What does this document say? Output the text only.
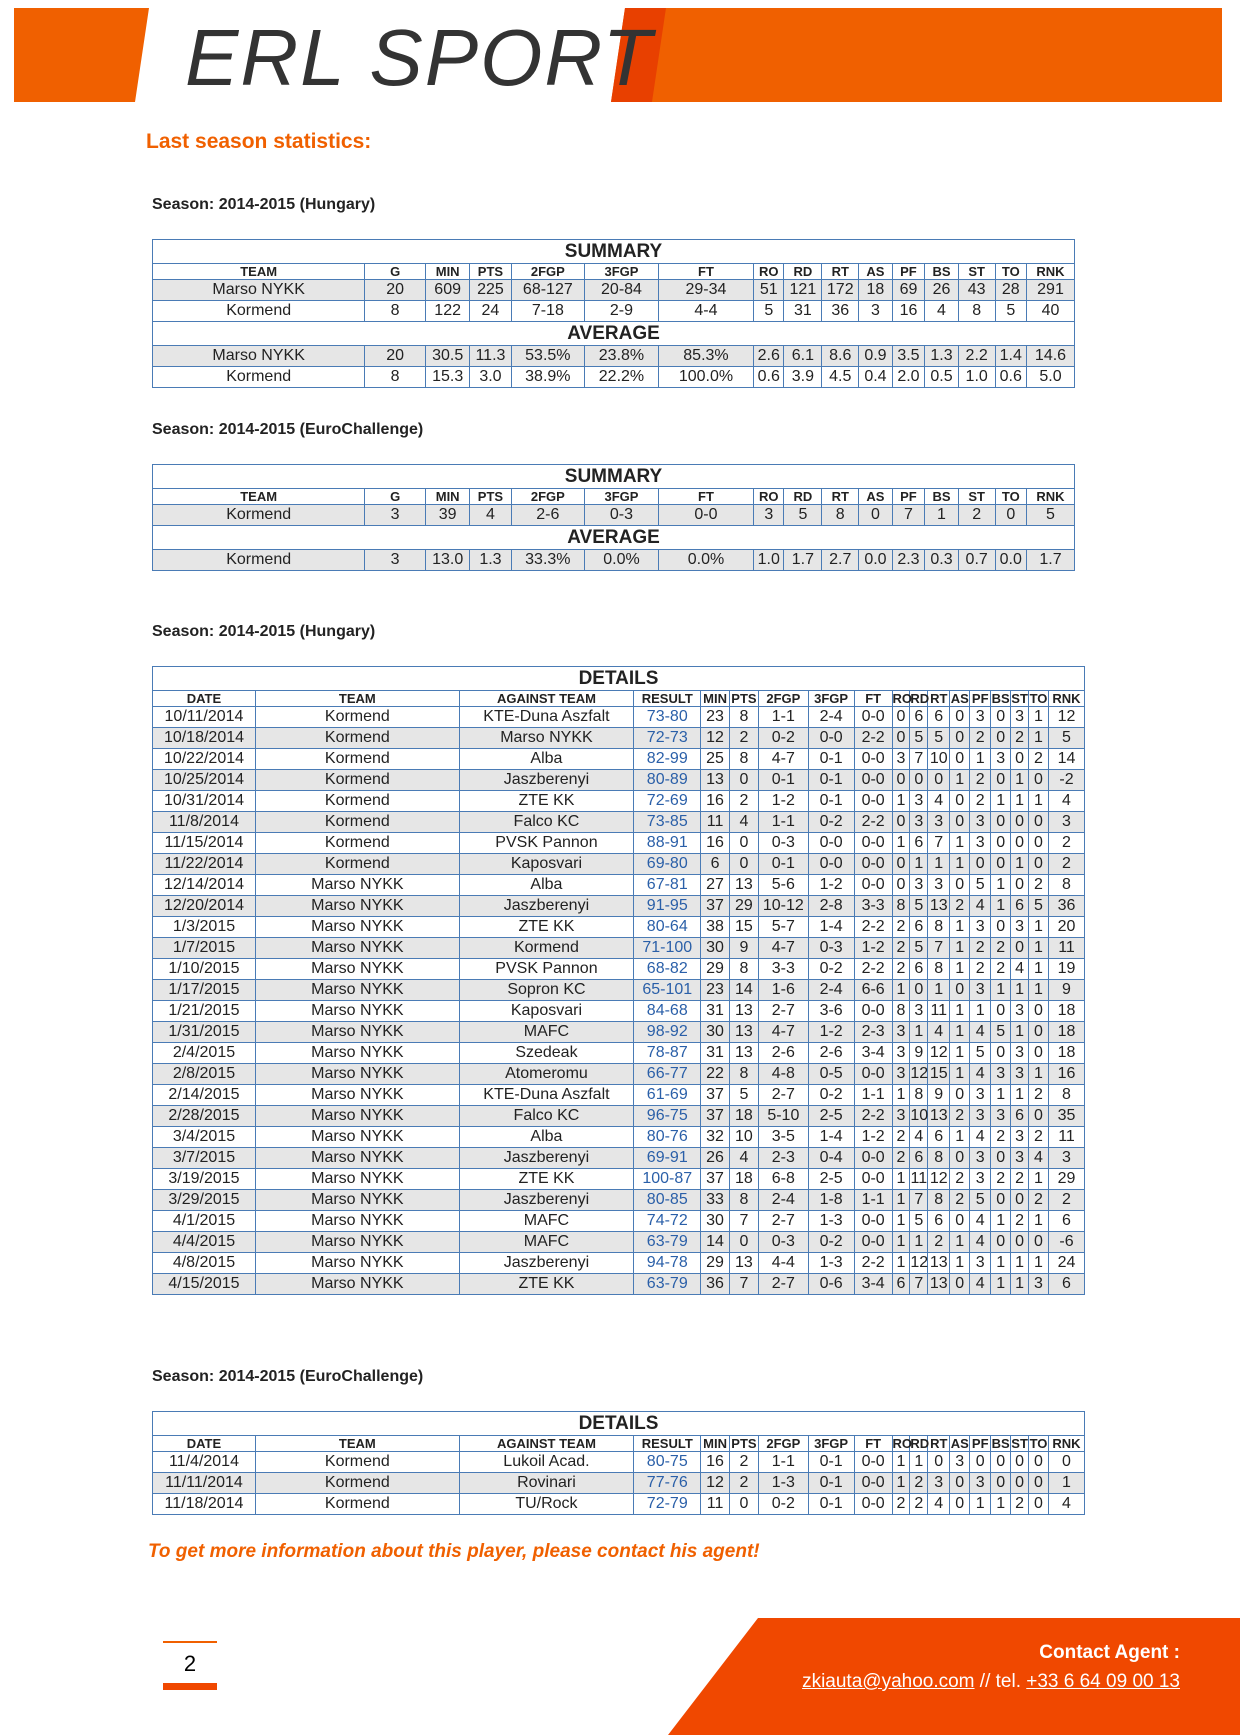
ERL SPORT
Last season statistics:
Season: 2014-2015 (Hungary)
SUMMARY															
TEAM	G	MIN	PTS	2FGP	3FGP	FT	RO	RD	RT	AS	PF	BS	ST	TO	RNK
Marso NYKK	20	609	225	68-127	20-84	29-34	51	121	172	18	69	26	43	28	291
Kormend	8	122	24	7-18	2-9	4-4	5	31	36	3	16	4	8	5	40
AVERAGE															
Marso NYKK	20	30.5	11.3	53.5%	23.8%	85.3%	2.6	6.1	8.6	0.9	3.5	1.3	2.2	1.4	14.6
Kormend	8	15.3	3.0	38.9%	22.2%	100.0%	0.6	3.9	4.5	0.4	2.0	0.5	1.0	0.6	5.0
Season: 2014-2015 (EuroChallenge)
SUMMARY															
TEAM	G	MIN	PTS	2FGP	3FGP	FT	RO	RD	RT	AS	PF	BS	ST	TO	RNK
Kormend	3	39	4	2-6	0-3	0-0	3	5	8	0	7	1	2	0	5
AVERAGE															
Kormend	3	13.0	1.3	33.3%	0.0%	0.0%	1.0	1.7	2.7	0.0	2.3	0.3	0.7	0.0	1.7
Season: 2014-2015 (Hungary)
DETAILS																	
DATE	TEAM	AGAINST TEAM	RESULT	MIN	PTS	2FGP	3FGP	FT	RO	RD	RT	AS	PF	BS	ST	TO	RNK
10/11/2014	Kormend	KTE-Duna Aszfalt	73-80	23	8	1-1	2-4	0-0	0	6	6	0	3	0	3	1	12
10/18/2014	Kormend	Marso NYKK	72-73	12	2	0-2	0-0	2-2	0	5	5	0	2	0	2	1	5
10/22/2014	Kormend	Alba	82-99	25	8	4-7	0-1	0-0	3	7	10	0	1	3	0	2	14
10/25/2014	Kormend	Jaszberenyi	80-89	13	0	0-1	0-1	0-0	0	0	0	1	2	0	1	0	-2
10/31/2014	Kormend	ZTE KK	72-69	16	2	1-2	0-1	0-0	1	3	4	0	2	1	1	1	4
11/8/2014	Kormend	Falco KC	73-85	11	4	1-1	0-2	2-2	0	3	3	0	3	0	0	0	3
11/15/2014	Kormend	PVSK Pannon	88-91	16	0	0-3	0-0	0-0	1	6	7	1	3	0	0	0	2
11/22/2014	Kormend	Kaposvari	69-80	6	0	0-1	0-0	0-0	0	1	1	1	0	0	1	0	2
12/14/2014	Marso NYKK	Alba	67-81	27	13	5-6	1-2	0-0	0	3	3	0	5	1	0	2	8
12/20/2014	Marso NYKK	Jaszberenyi	91-95	37	29	10-12	2-8	3-3	8	5	13	2	4	1	6	5	36
1/3/2015	Marso NYKK	ZTE KK	80-64	38	15	5-7	1-4	2-2	2	6	8	1	3	0	3	1	20
1/7/2015	Marso NYKK	Kormend	71-100	30	9	4-7	0-3	1-2	2	5	7	1	2	2	0	1	11
1/10/2015	Marso NYKK	PVSK Pannon	68-82	29	8	3-3	0-2	2-2	2	6	8	1	2	2	4	1	19
1/17/2015	Marso NYKK	Sopron KC	65-101	23	14	1-6	2-4	6-6	1	0	1	0	3	1	1	1	9
1/21/2015	Marso NYKK	Kaposvari	84-68	31	13	2-7	3-6	0-0	8	3	11	1	1	0	3	0	18
1/31/2015	Marso NYKK	MAFC	98-92	30	13	4-7	1-2	2-3	3	1	4	1	4	5	1	0	18
2/4/2015	Marso NYKK	Szedeak	78-87	31	13	2-6	2-6	3-4	3	9	12	1	5	0	3	0	18
2/8/2015	Marso NYKK	Atomeromu	66-77	22	8	4-8	0-5	0-0	3	12	15	1	4	3	3	1	16
2/14/2015	Marso NYKK	KTE-Duna Aszfalt	61-69	37	5	2-7	0-2	1-1	1	8	9	0	3	1	1	2	8
2/28/2015	Marso NYKK	Falco KC	96-75	37	18	5-10	2-5	2-2	3	10	13	2	3	3	6	0	35
3/4/2015	Marso NYKK	Alba	80-76	32	10	3-5	1-4	1-2	2	4	6	1	4	2	3	2	11
3/7/2015	Marso NYKK	Jaszberenyi	69-91	26	4	2-3	0-4	0-0	2	6	8	0	3	0	3	4	3
3/19/2015	Marso NYKK	ZTE KK	100-87	37	18	6-8	2-5	0-0	1	11	12	2	3	2	2	1	29
3/29/2015	Marso NYKK	Jaszberenyi	80-85	33	8	2-4	1-8	1-1	1	7	8	2	5	0	0	2	2
4/1/2015	Marso NYKK	MAFC	74-72	30	7	2-7	1-3	0-0	1	5	6	0	4	1	2	1	6
4/4/2015	Marso NYKK	MAFC	63-79	14	0	0-3	0-2	0-0	1	1	2	1	4	0	0	0	-6
4/8/2015	Marso NYKK	Jaszberenyi	94-78	29	13	4-4	1-3	2-2	1	12	13	1	3	1	1	1	24
4/15/2015	Marso NYKK	ZTE KK	63-79	36	7	2-7	0-6	3-4	6	7	13	0	4	1	1	3	6
Season: 2014-2015 (EuroChallenge)
DETAILS																	
DATE	TEAM	AGAINST TEAM	RESULT	MIN	PTS	2FGP	3FGP	FT	RO	RD	RT	AS	PF	BS	ST	TO	RNK
11/4/2014	Kormend	Lukoil Acad.	80-75	16	2	1-1	0-1	0-0	1	1	0	3	0	0	0	0	0
11/11/2014	Kormend	Rovinari	77-76	12	2	1-3	0-1	0-0	1	2	3	0	3	0	0	0	1
11/18/2014	Kormend	TU/Rock	72-79	11	0	0-2	0-1	0-0	2	2	4	0	1	1	2	0	4
To get more information about this player, please contact his agent!
2	Contact Agent :
zkiauta@yahoo.com // tel. +33 6 64 09 00 13
